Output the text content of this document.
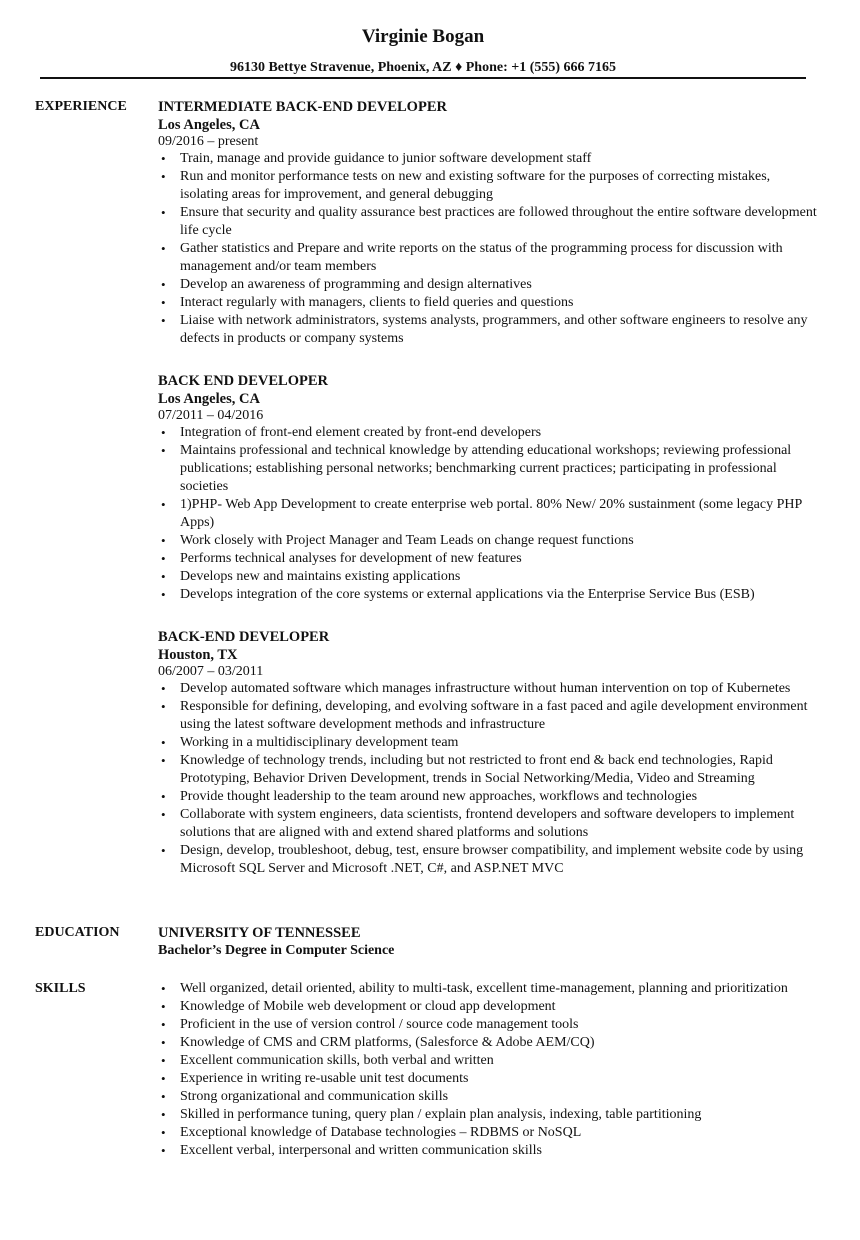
Virginie Bogan
96130 Bettye Stravenue, Phoenix, AZ ♦ Phone: +1 (555) 666 7165
EXPERIENCE INTERMEDIATE BACK-END DEVELOPER

Los Angeles, CA

09/2016 – present

• Train, manage and provide guidance to junior software development staff
• Run and monitor performance tests on new and existing software for the purposes of correcting mistakes, isolating areas for improvement, and general debugging
• Ensure that security and quality assurance best practices are followed throughout the entire software development life cycle
• Gather statistics and Prepare and write reports on the status of the programming process for discussion with management and/or team members
• Develop an awareness of programming and design alternatives
• Interact regularly with managers, clients to field queries and questions
• Liaise with network administrators, systems analysts, programmers, and other software engineers to resolve any defects in products or company systems

BACK END DEVELOPER

Los Angeles, CA

07/2011 – 04/2016

• Integration of front-end element created by front-end developers
• Maintains professional and technical knowledge by attending educational workshops; reviewing professional publications; establishing personal networks; benchmarking current practices; participating in professional societies
• 1)PHP- Web App Development to create enterprise web portal. 80% New/ 20% sustainment (some legacy PHP Apps)
• Work closely with Project Manager and Team Leads on change request functions
• Performs technical analyses for development of new features
• Develops new and maintains existing applications
• Develops integration of the core systems or external applications via the Enterprise Service Bus (ESB)

BACK-END DEVELOPER

Houston, TX

06/2007 – 03/2011

• Develop automated software which manages infrastructure without human intervention on top of Kubernetes
• Responsible for defining, developing, and evolving software in a fast paced and agile development environment using the latest software development methods and infrastructure
• Working in a multidisciplinary development team
• Knowledge of technology trends, including but not restricted to front end & back end technologies, Rapid Prototyping, Behavior Driven Development, trends in Social Networking/Media, Video and Streaming
• Provide thought leadership to the team around new approaches, workflows and technologies
• Collaborate with system engineers, data scientists, frontend developers and software developers to implement solutions that are aligned with and extend shared platforms and solutions
• Design, develop, troubleshoot, debug, test, ensure browser compatibility, and implement website code by using Microsoft SQL Server and Microsoft .NET, C#, and ASP.NET MVC
EDUCATION	UNIVERSITY OF TENNESSEE

Bachelor’s Degree in Computer Science

SKILLS
•	Well organized, detail oriented, ability to multi-task, excellent time-management, planning and prioritization
• Knowledge of Mobile web development or cloud app development
• Proficient in the use of version control / source code management tools
• Knowledge of CMS and CRM platforms, (Salesforce & Adobe AEM/CQ)
• Excellent communication skills, both verbal and written
• Experience in writing re-usable unit test documents
• Strong organizational and communication skills
• Skilled in performance tuning, query plan / explain plan analysis, indexing, table partitioning
• Exceptional knowledge of Database technologies – RDBMS or NoSQL
• Excellent verbal, interpersonal and written communication skills
